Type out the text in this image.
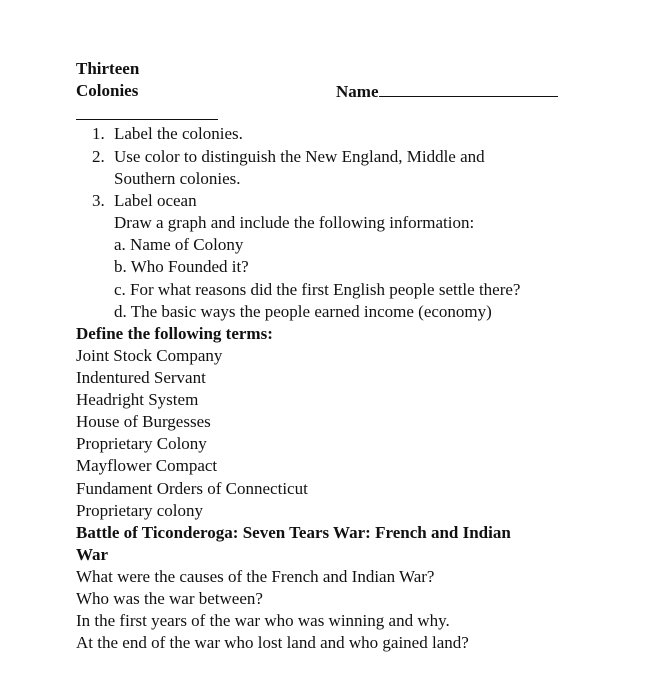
Thirteen
Colonies	Name
1. Label the colonies.
2. Use color to distinguish the New England, Middle and
Southern colonies.
3. Label ocean
Draw a graph and include the following information:
a. Name of Colony
b. Who Founded it?
c. For what reasons did the first English people settle there?
d. The basic ways the people earned income (economy)
Define the following terms:
Joint Stock Company
Indentured Servant
Headright System
House of Burgesses
Proprietary Colony
Mayflower Compact
Fundament Orders of Connecticut
Proprietary colony
Battle of Ticonderoga: Seven Tears War: French and Indian
War
What were the causes of the French and Indian War?
Who was the war between?
In the first years of the war who was winning and why.
At the end of the war who lost land and who gained land?
